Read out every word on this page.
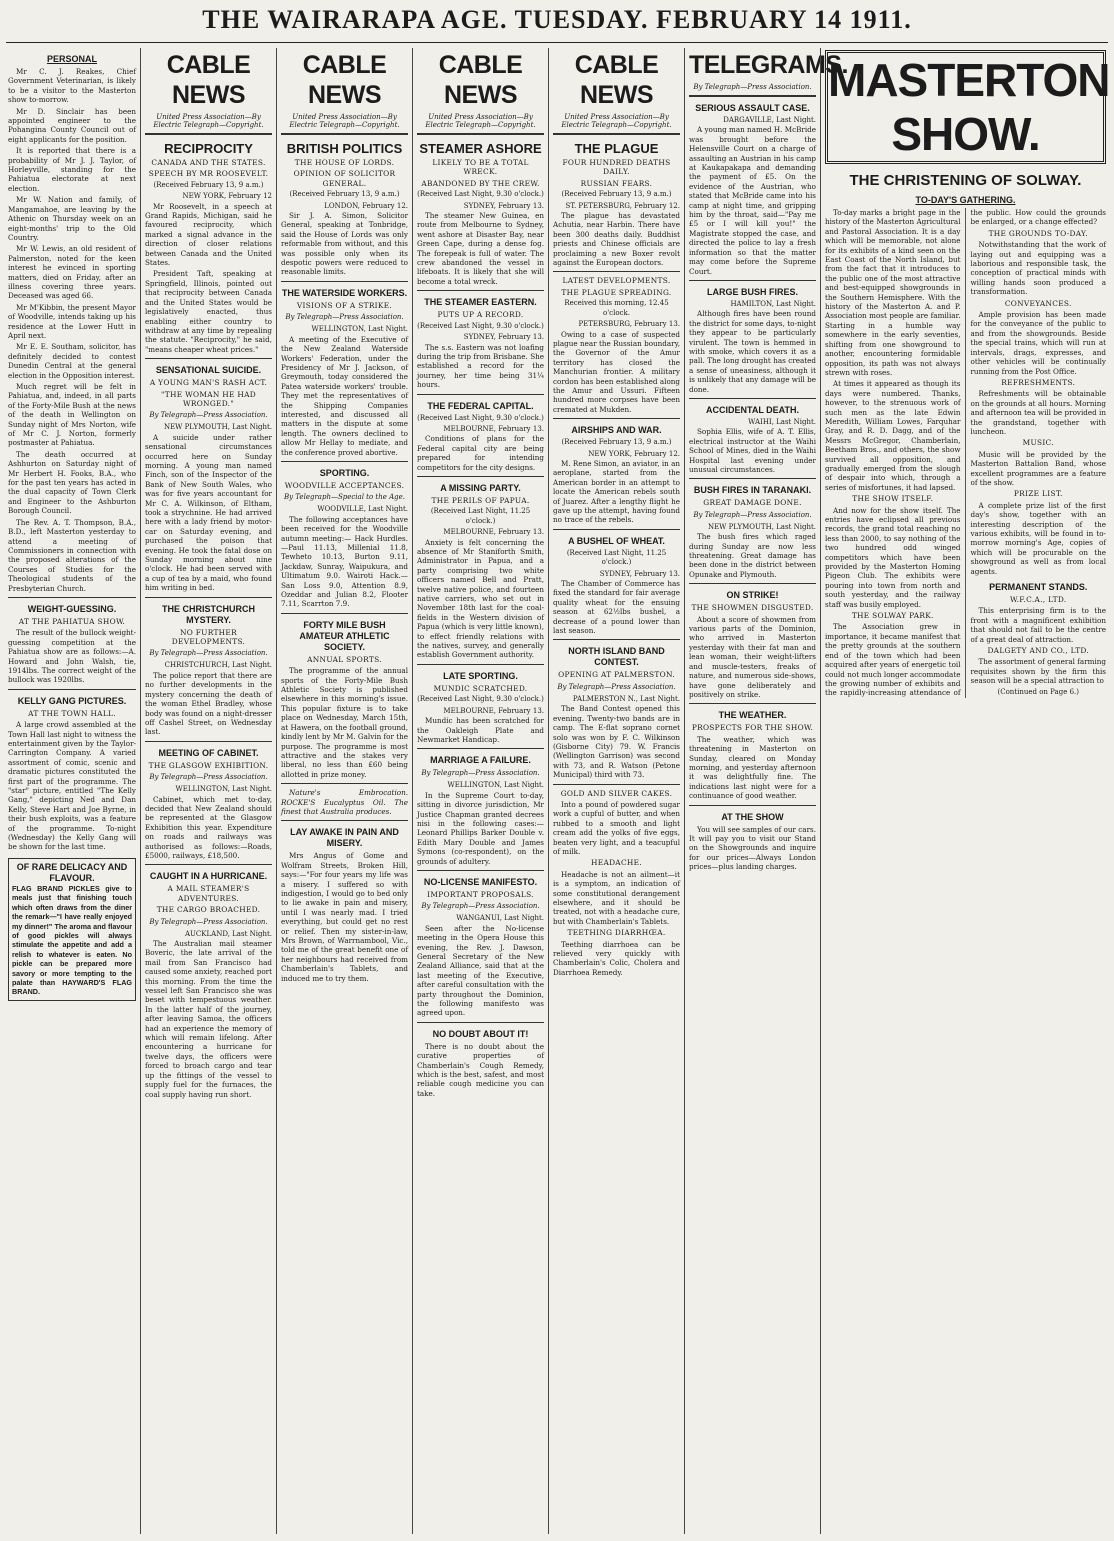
THE WAIRARAPA AGE. TUESDAY. FEBRUARY 14 1911.
PERSONAL

Mr C. J. Reakes, Chief Government Veterinarian, is likely to be a visitor to the Masterton show to-morrow.

Mr D. Sinclair has been appointed engineer to the Pohangina County Council out of eight applicants for the position.

It is reported that there is a probability of Mr J. J. Taylor, of Horleyville, standing for the Pahiatua electorate at next election.

Mr W. Nation and family, of Mangamahoe, are leaving by the Athenic on Thursday week on an eight-months' trip to the Old Country.

Mr W. Lewis, an old resident of Palmerston, noted for the keen interest he evinced in sporting matters, died on Friday, after an illness covering three years. Deceased was aged 66.

Mr M'Kibbin, the present Mayor of Woodville, intends taking up his residence at the Lower Hutt in April next.

Mr E. E. Southam, solicitor, has definitely decided to contest Dunedin Central at the general election in the Opposition interest.

Much regret will be felt in Pahiatua, and, indeed, in all parts of the Forty-Mile Bush at the news of the death in Wellington on Sunday night of Mrs Norton, wife of Mr C. J. Norton, formerly postmaster at Pahiatua.

The death occurred at Ashhurton on Saturday night of Mr Herbert H. Fooks, B.A., who for the past ten years has acted in the dual capacity of Town Clerk and Engineer to the Ashburton Borough Council.

The Rev. A. T. Thompson, B.A., B.D., left Masterton yesterday to attend a meeting of Commissioners in connection with the proposed alterations of the Courses of Studies for the Theological students of the Presbyterian Church.

WEIGHT-GUESSING.
AT THE PAHIATUA SHOW.

The result of the bullock weight-guessing competition at the Pahiatua show are as follows:—A. Howard and John Walsh, tie, 1914lbs. The correct weight of the bullock was 1920lbs.

KELLY GANG PICTURES.
AT THE TOWN HALL.

A large crowd assembled at the Town Hall last night to witness the entertainment given by the Taylor-Carrington Company. A varied assortment of comic, scenic and dramatic pictures constituted the first part of the programme. The "star" picture, entitled "The Kelly Gang," depicting Ned and Dan Kelly, Steve Hart and Joe Byrne, in their bush exploits, was a feature of the programme. To-night (Wednesday) the Kelly Gang will be shown for the last time.

OF RARE DELICACY AND FLAVOUR.
FLAG BRAND PICKLES give to meals just that finishing touch which often draws from the diner the remark—"I have really enjoyed my dinner!" The aroma and flavour of good pickles will always stimulate the appetite and add a relish to whatever is eaten. No pickle can be prepared more savory or more tempting to the palate than HAYWARD'S FLAG BRAND.
CABLE NEWS
United Press Association—By Electric Telegraph—Copyright.
RECIPROCITY
CANADA AND THE STATES.
SPEECH BY MR ROOSEVELT.
(Received February 13, 9 a.m.)
NEW YORK, February 12

Mr Roosevelt, in a speech at Grand Rapids, Michigan, said he favoured reciprocity, which marked a signal advance in the direction of closer relations between Canada and the United States.

President Taft, speaking at Springfield, Illinois, pointed out that reciprocity between Canada and the United States would be legislatively enacted, thus enabling either country to withdraw at any time by repealing the statute. "Reciprocity," he said, "means cheaper wheat prices."

SENSATIONAL SUICIDE.
A YOUNG MAN'S RASH ACT.
"THE WOMAN HE HAD WRONGED."
By Telegraph—Press Association.
NEW PLYMOUTH, Last Night.

A suicide under rather sensational circumstances occurred here on Sunday morning. A young man named Finch, son of the Inspector of the Bank of New South Wales, who was for five years accountant for Mr C. A. Wilkinson, of Eltham, took a strychnine. He had arrived here with a lady friend by motor-car on Saturday evening, and purchased the poison that evening. He took the fatal dose on Sunday morning about nine o'clock. He had been served with a cup of tea by a maid, who found him writing in bed.

THE CHRISTCHURCH MYSTERY.
NO FURTHER DEVELOPMENTS.
By Telegraph—Press Association.
CHRISTCHURCH, Last Night.

The police report that there are no further developments in the mystery concerning the death of the woman Ethel Bradley, whose body was found on a night-dresser off Cashel Street, on Wednesday last.

MEETING OF CABINET.
THE GLASGOW EXHIBITION.
By Telegraph—Press Association.
WELLINGTON, Last Night.

Cabinet, which met to-day, decided that New Zealand should be represented at the Glasgow Exhibition this year. Expenditure on roads and railways was authorised as follows:—Roads, £5000, railways, £18,500.

CAUGHT IN A HURRICANE.
A MAIL STEAMER'S ADVENTURES.
THE CARGO BROACHED.
By Telegraph—Press Association.
AUCKLAND, Last Night.

The Australian mail steamer Boveric, the late arrival of the mail from San Francisco had caused some anxiety, reached port this morning. From the time the vessel left San Francisco she was beset with tempestuous weather. In the latter half of the journey, after leaving Samoa, the officers had an experience the memory of which will remain lifelong. After encountering a hurricane for twelve days, the officers were forced to broach cargo and tear up the fittings of the vessel to supply fuel for the furnaces, the coal supply having run short.

CABLE NEWS
United Press Association—By Electric Telegraph—Copyright.
BRITISH POLITICS
THE HOUSE OF LORDS.
OPINION OF SOLICITOR GENERAL.
(Received February 13, 9 a.m.)
LONDON, February 12.

Sir J. A. Simon, Solicitor General, speaking at Tonbridge, said the House of Lords was only reformable from without, and this was possible only when its despotic powers were reduced to reasonable limits.

THE WATERSIDE WORKERS.
VISIONS OF A STRIKE.
By Telegraph—Press Association.
WELLINGTON, Last Night.

A meeting of the Executive of the New Zealand Waterside Workers' Federation, under the Presidency of Mr J. Jackson, of Greymouth, today considered the Patea waterside workers' trouble. They met the representatives of the Shipping Companies interested, and discussed all matters in the dispute at some length. The owners declined to allow Mr Hellay to mediate, and the conference proved abortive.

SPORTING.
WOODVILLE ACCEPTANCES.
By Telegraph—Special to the Age.
WOODVILLE, Last Night.

The following acceptances have been received for the Woodville autumn meeting:— Hack Hurdles.—Paul 11.13, Millenial 11.8, Tewheto 10.13, Burton 9.11, Jackdaw, Sunray, Waipukura, and Ultimatum 9.0. Wairoti Hack.—San Loss 9.0, Attention 8.9, Ozeddar and Julian 8.2, Flooter 7.11, Scarrton 7.9.

FORTY MILE BUSH AMATEUR ATHLETIC SOCIETY.
ANNUAL SPORTS.

The programme of the annual sports of the Forty-Mile Bush Athletic Society is published elsewhere in this morning's issue. This popular fixture is to take place on Wednesday, March 15th, at Hawera, on the football ground, kindly lent by Mr M. Galvin for the purpose. The programme is most attractive and the stakes very liberal, no less than £60 being allotted in prize money.

Nature's Embrocation. ROCKE'S Eucalyptus Oil. The finest that Australia produces.

LAY AWAKE IN PAIN AND MISERY.

Mrs Angus of Gome and Wolfram Streets, Broken Hill, says:—"For four years my life was a misery. I suffered so with indigestion, I would go to bed only to lie awake in pain and misery, until I was nearly mad. I tried everything, but could get no rest or relief. Then my sister-in-law, Mrs Brown, of Warrnambool, Vic., told me of the great benefit one of her neighbours had received from Chamberlain's Tablets, and induced me to try them.

CABLE NEWS
United Press Association—By Electric Telegraph—Copyright.
STEAMER ASHORE
LIKELY TO BE A TOTAL WRECK.
ABANDONED BY THE CREW.
(Received Last Night, 9.30 o'clock.)
SYDNEY, February 13.

The steamer New Guinea, en route from Melbourne to Sydney, went ashore at Disaster Bay, near Green Cape, during a dense fog. The forepeak is full of water. The crew abandoned the vessel in lifeboats. It is likely that she will become a total wreck.

THE STEAMER EASTERN.
PUTS UP A RECORD.
(Received Last Night, 9.30 o'clock.)
SYDNEY, February 13.

The s.s. Eastern was not loafing during the trip from Brisbane. She established a record for the journey, her time being 31¼ hours.

THE FEDERAL CAPITAL.
(Received Last Night, 9.30 o'clock.)
MELBOURNE, February 13.

Conditions of plans for the Federal capital city are being prepared for intending competitors for the city designs.

A MISSING PARTY.
THE PERILS OF PAPUA.
(Received Last Night, 11.25 o'clock.)
MELBOURNE, February 13.

Anxiety is felt concerning the absence of Mr Staniforth Smith, Administrator in Papua, and a party comprising two white officers named Bell and Pratt, twelve native police, and fourteen native carriers, who set out in November 18th last for the coal-fields in the Western division of Papua (which is very little known), to effect friendly relations with the natives, survey, and generally establish Government authority.

LATE SPORTING.
MUNDIC SCRATCHED.
(Received Last Night, 9.30 o'clock.)
MELBOURNE, February 13.

Mundic has been scratched for the Oakleigh Plate and Newmarket Handicap.

MARRIAGE A FAILURE.
By Telegraph—Press Association.
WELLINGTON, Last Night.

In the Supreme Court to-day, sitting in divorce jurisdiction, Mr Justice Chapman granted decrees nisi in the following cases:—Leonard Phillips Barker Double v. Edith Mary Double and James Symons (co-respondent), on the grounds of adultery.

NO-LICENSE MANIFESTO.
IMPORTANT PROPOSALS.
By Telegraph—Press Association.
WANGANUI, Last Night.

Seen after the No-license meeting in the Opera House this evening, the Rev. J. Dawson, General Secretary of the New Zealand Alliance, said that at the last meeting of the Executive, after careful consultation with the party throughout the Dominion, the following manifesto was agreed upon.

NO DOUBT ABOUT IT!

There is no doubt about the curative properties of Chamberlain's Cough Remedy, which is the best, safest, and most reliable cough medicine you can take.

CABLE NEWS
United Press Association—By Electric Telegraph—Copyright.
THE PLAGUE
FOUR HUNDRED DEATHS DAILY.
RUSSIAN FEARS.
(Received February 13, 9 a.m.)
ST. PETERSBURG, February 12.

The plague has devastated Achutia, near Harbin. There have been 300 deaths daily. Buddhist priests and Chinese officials are proclaiming a new Boxer revolt against the European doctors.

LATEST DEVELOPMENTS.
THE PLAGUE SPREADING.
Received this morning, 12.45 o'clock.
PETERSBURG, February 13.

Owing to a case of suspected plague near the Russian boundary, the Governor of the Amur territory has closed the Manchurian frontier. A military cordon has been established along the Amur and Ussuri. Fifteen hundred more corpses have been cremated at Mukden.

AIRSHIPS AND WAR.
(Received February 13, 9 a.m.)
NEW YORK, February 12.

M. Rene Simon, an aviator, in an aeroplane, started from the American border in an attempt to locate the American rebels south of Juarez. After a lengthy flight he gave up the attempt, having found no trace of the rebels.

A BUSHEL OF WHEAT.
(Received Last Night, 11.25 o'clock.)
SYDNEY, February 13.

The Chamber of Commerce has fixed the standard for fair average quality wheat for the ensuing season at 62½lbs bushel, a decrease of a pound lower than last season.

NORTH ISLAND BAND CONTEST.
OPENING AT PALMERSTON.
By Telegraph—Press Association.
PALMERSTON N., Last Night.

The Band Contest opened this evening. Twenty-two bands are in camp. The E-flat soprano cornet solo was won by F. C. Wilkinson (Gisborne City) 79. W. Francis (Wellington Garrison) was second with 73, and R. Watson (Petone Municipal) third with 73.

GOLD AND SILVER CAKES.

Into a pound of powdered sugar work a cupful of butter, and when rubbed to a smooth and light cream add the yolks of five eggs, beaten very light, and a teacupful of milk.

HEADACHE.

Headache is not an ailment—it is a symptom, an indication of some constitutional derangement elsewhere, and it should be treated, not with a headache cure, but with Chamberlain's Tablets.

TEETHING DIARRHŒA.

Teething diarrhoea can be relieved very quickly with Chamberlain's Colic, Cholera and Diarrhoea Remedy.

TELEGRAMS.
By Telegraph—Press Association.
SERIOUS ASSAULT CASE.
DARGAVILLE, Last Night.

A young man named H. McBride was brought before the Helensville Court on a charge of assaulting an Austrian in his camp at Kaukapakapa and demanding the payment of £5. On the evidence of the Austrian, who stated that McBride came into his camp at night time, and gripping him by the throat, said—"Pay me £5 or I will kill you!" the Magistrate stopped the case, and directed the police to lay a fresh information so that the matter may come before the Supreme Court.

LARGE BUSH FIRES.
HAMILTON, Last Night.

Although fires have been round the district for some days, to-night they appear to be particularly virulent. The town is hemmed in with smoke, which covers it as a pall. The long drought has created a sense of uneasiness, although it is unlikely that any damage will be done.

ACCIDENTAL DEATH.
WAIHI, Last Night.

Sophia Ellis, wife of A. T. Ellis, electrical instructor at the Waihi School of Mines, died in the Waihi Hospital last evening under unusual circumstances.

BUSH FIRES IN TARANAKI.
GREAT DAMAGE DONE.
By Telegraph—Press Association.
NEW PLYMOUTH, Last Night.

The bush fires which raged during Sunday are now less threatening. Great damage has been done in the district between Opunake and Plymouth.

ON STRIKE!
THE SHOWMEN DISGUSTED.

About a score of showmen from various parts of the Dominion, who arrived in Masterton yesterday with their fat man and lean woman, their weight-lifters and muscle-testers, freaks of nature, and numerous side-shows, have gone deliberately and positively on strike.

THE WEATHER.
PROSPECTS FOR THE SHOW.

The weather, which was threatening in Masterton on Sunday, cleared on Monday morning, and yesterday afternoon it was delightfully fine. The indications last night were for a continuance of good weather.

AT THE SHOW

You will see samples of our cars. It will pay you to visit our Stand on the Showgrounds and inquire for our prices—Always London prices—plus landing charges.

MASTERTON SHOW.
THE CHRISTENING OF SOLWAY.
TO-DAY'S GATHERING.

To-day marks a bright page in the history of the Masterton Agricultural and Pastoral Association. It is a day which will be memorable, not alone for its exhibits of a kind seen on the East Coast of the North Island, but from the fact that it introduces to the public one of the most attractive and best-equipped showgrounds in the Southern Hemisphere. With the history of the Masterton A. and P. Association most people are familiar. Starting in a humble way somewhere in the early seventies, shifting from one showground to another, encountering formidable opposition, its path was not always strewn with roses.

At times it appeared as though its days were numbered. Thanks, however, to the strenuous work of such men as the late Edwin Meredith, William Lowes, Farquhar Gray, and R. D. Dagg, and of the Messrs McGregor, Chamberlain, Beetham Bros., and others, the show survived all opposition, and gradually emerged from the slough of despair into which, through a series of misfortunes, it had lapsed.

THE SHOW ITSELF.

And now for the show itself. The entries have eclipsed all previous records, the grand total reaching no less than 2000, to say nothing of the two hundred odd winged competitors which have been provided by the Masterton Homing Pigeon Club. The exhibits were pouring into town from north and south yesterday, and the railway staff was busily employed.

THE SOLWAY PARK.

The Association grew in importance, it became manifest that the pretty grounds at the southern end of the town which had been acquired after years of energetic toil could not much longer accommodate the growing number of exhibits and the rapidly-increasing attendance of the public. How could the grounds be enlarged, or a change effected?

THE GROUNDS TO-DAY.

Notwithstanding that the work of laying out and equipping was a laborious and responsible task, the conception of practical minds with willing hands soon produced a transformation.

CONVEYANCES.

Ample provision has been made for the conveyance of the public to and from the showgrounds. Beside the special trains, which will run at intervals, drags, expresses, and other vehicles will be continually running from the Post Office.

REFRESHMENTS.

Refreshments will be obtainable on the grounds at all hours. Morning and afternoon tea will be provided in the grandstand, together with luncheon.

MUSIC.

Music will be provided by the Masterton Battalion Band, whose excellent programmes are a feature of the show.

PRIZE LIST.

A complete prize list of the first day's show, together with an interesting description of the various exhibits, will be found in to-morrow morning's Age, copies of which will be procurable on the showground as well as from local agents.

PERMANENT STANDS.
W.F.C.A., LTD.

This enterprising firm is to the front with a magnificent exhibition that should not fail to be the centre of a great deal of attraction.

DALGETY AND CO., LTD.

The assortment of general farming requisites shown by the firm this season will be a special attraction to

(Continued on Page 6.)
